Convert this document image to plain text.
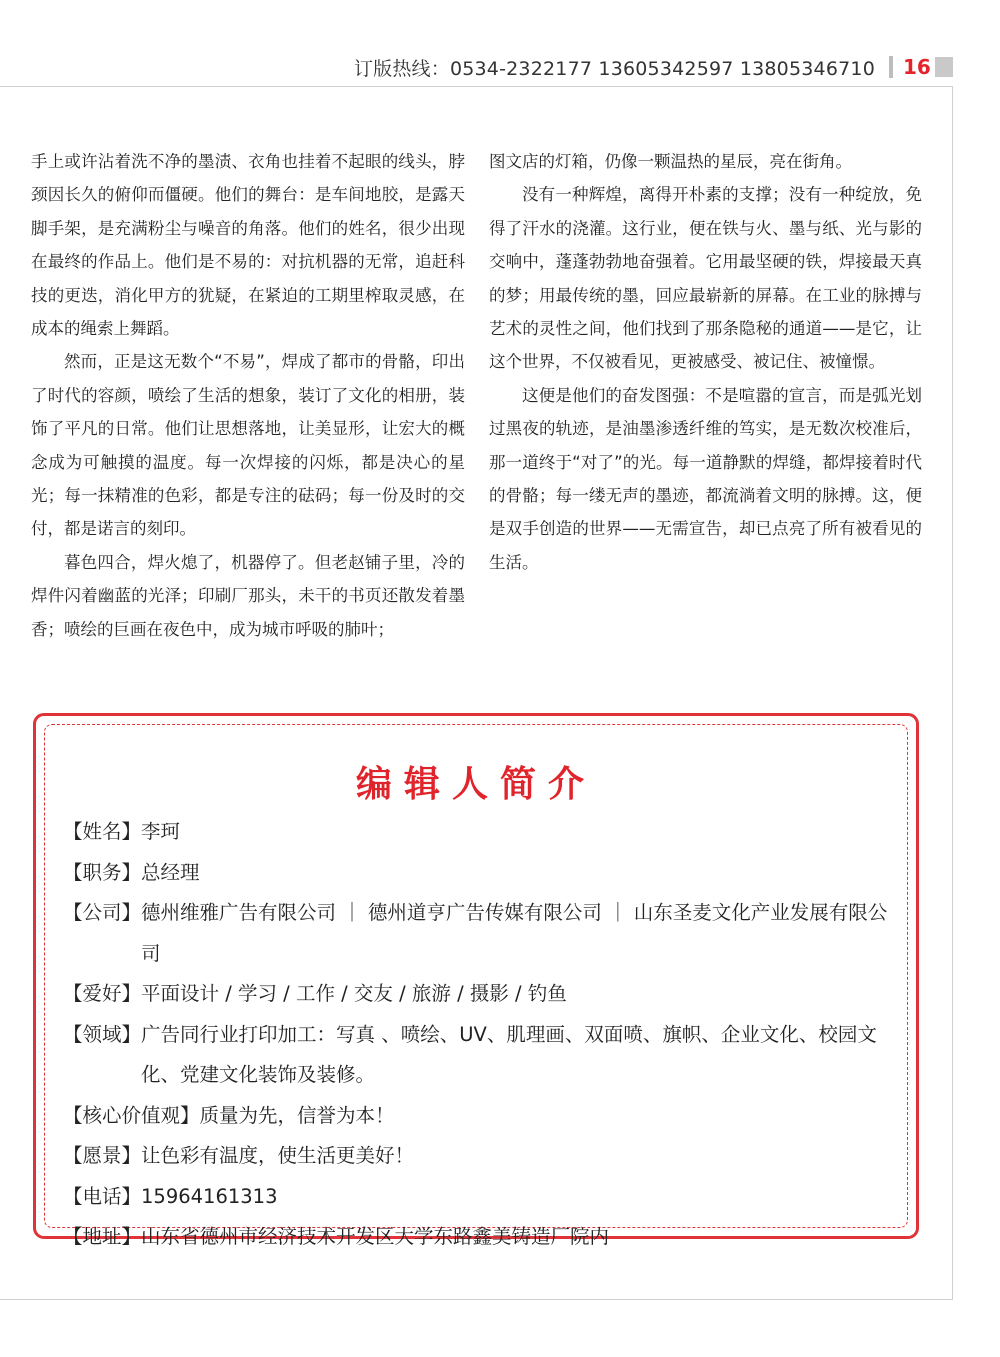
订版热线：0534-2322177 13605342597 13805346710 16

手上或许沾着洗不净的墨渍、衣角也挂着不起眼的线头，脖颈因长久的俯仰而僵硬。他们的舞台：是车间地胶，是露天脚手架，是充满粉尘与噪音的角落。他们的姓名，很少出现在最终的作品上。他们是不易的：对抗机器的无常，追赶科技的更迭，消化甲方的犹疑，在紧迫的工期里榨取灵感，在成本的绳索上舞蹈。

然而，正是这无数个“不易”，焊成了都市的骨骼，印出了时代的容颜，喷绘了生活的想象，装订了文化的相册，装饰了平凡的日常。他们让思想落地，让美显形，让宏大的概念成为可触摸的温度。每一次焊接的闪烁，都是决心的星光；每一抹精准的色彩，都是专注的砝码；每一份及时的交付，都是诺言的刻印。

暮色四合，焊火熄了，机器停了。但老赵铺子里，冷的焊件闪着幽蓝的光泽；印刷厂那头，未干的书页还散发着墨香；喷绘的巨画在夜色中，成为城市呼吸的肺叶；

图文店的灯箱，仍像一颗温热的星辰，亮在街角。

没有一种辉煌，离得开朴素的支撑；没有一种绽放，免得了汗水的浇灌。这行业，便在铁与火、墨与纸、光与影的交响中，蓬蓬勃勃地奋强着。它用最坚硬的铁，焊接最天真的梦；用最传统的墨，回应最崭新的屏幕。在工业的脉搏与艺术的灵性之间，他们找到了那条隐秘的通道——是它，让这个世界，不仅被看见，更被感受、被记住、被憧憬。

这便是他们的奋发图强：不是喧嚣的宣言，而是弧光划过黑夜的轨迹，是油墨渗透纤维的笃实，是无数次校准后，那一道终于“对了”的光。每一道静默的焊缝，都焊接着时代的骨骼；每一缕无声的墨迹，都流淌着文明的脉搏。这，便是双手创造的世界——无需宣告，却已点亮了所有被看见的生活。

编辑人简介
【姓名】 李珂
【职务】 总经理
【公司】 德州维雅广告有限公司 ｜ 德州道亨广告传媒有限公司 ｜ 山东圣麦文化产业发展有限公司
【爱好】 平面设计 / 学习 / 工作 / 交友 / 旅游 / 摄影 / 钓鱼
【领域】 广告同行业打印加工：写真 、喷绘、UV、肌理画、双面喷、旗帜、企业文化、校园文化、党建文化装饰及装修。
【核心价值观】 质量为先，信誉为本！
【愿景】 让色彩有温度，使生活更美好！
【电话】 15964161313
【地址】 山东省德州市经济技术开发区大学东路鑫美铸造厂院内
